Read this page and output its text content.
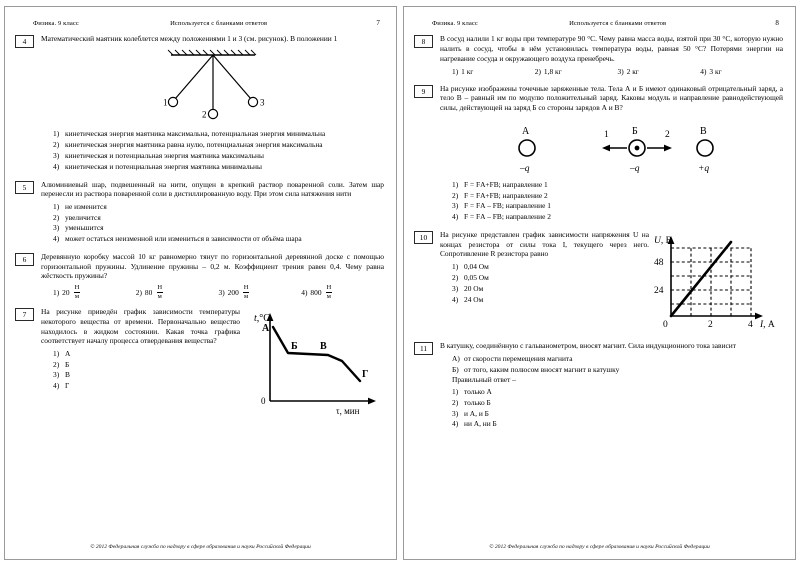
Физика. 9 класс	Используется с бланками ответов	7
4	Математический маятник колеблется между положениями 1 и 3 (см. рисунок). В положении 1

1
2
3
1) кинетическая энергия маятника максимальна, потенциальная энергия минимальна
2) кинетическая энергия маятника равна нулю, потенциальная энергия максимальна
3) кинетическая и потенциальная энергия маятника максимальны
4) кинетическая и потенциальная энергия маятника минимальны
5	Алюминиевый шар, подвешенный на нити, опущен в крепкий раствор поваренной соли. Затем шар перенесли из раствора поваренной соли в дистиллированную воду. При этом сила натяжения нити

1) не изменится
2) увеличится
3) уменьшится
4) может остаться неизменной или измениться в зависимости от объёма шара
6	Деревянную коробку массой 10 кг равномерно тянут по горизонтальной деревянной доске с помощью горизонтальной пружины. Удлинение пружины – 0,2 м. Коэффициент трения равен 0,4. Чему равна жёсткость пружины?

1) $20 \frac{Н}{м}$	2) $80 \frac{Н}{м}$	3) $200 \frac{Н}{м}$	4) $800 \frac{Н}{м}$
7	На рисунке приведён график зависимости температуры некоторого вещества от времени. Первоначально вещество находилось в жидком состоянии. Какая точка графика соответствует началу процесса отвердевания вещества?

1) А
2) Б
3) В
4) Г
t,°C
0
τ, мин
А
Б В
Г
© 2012 Федеральная служба по надзору в сфере образования и науки Российской Федерации
Физика. 9 класс	Используется с бланками ответов	8
8	В сосуд налили 1 кг воды при температуре 90 °С. Чему равна масса воды, взятой при 30 °С, которую нужно налить в сосуд, чтобы в нём установилась температура воды, равная 50 °С? Потерями энергии на нагревание сосуда и окружающего воздуха пренебречь.

1) 1 кг	2) 1,8 кг	3) 2 кг	4) 3 кг
9	На рисунке изображены точечные заряженные тела. Тела А и Б имеют одинаковый отрицательный заряд, а тело В – равный им по модулю положительный заряд. Каковы модуль и направление равнодействующей силы, действующей на заряд Б со стороны зарядов А и В?

А
–q
Б
–q
1	2	В
+q
1) F = FА+FВ; направление 1
2) F = FА+FВ; направление 2
3) F = FА – FВ; направление 1
4) F = FА – FВ; направление 2
10	На рисунке представлен график зависимости напряжения U на концах резистора от силы тока I, текущего через него. Сопротивление R резистора равно

1) 0,04 Ом
2) 0,05 Ом
3) 20 Ом
4) 24 Ом
U, В
24
48
0	2	4 I, А
11	В катушку, соединённую с гальванометром, вносят магнит. Сила индукционного тока зависит

А) от скорости перемещения магнита
Б) от того, каким полюсом вносят магнит в катушку

Правильный ответ –

1) только А
2) только Б
3) и А, и Б
4) ни А, ни Б
© 2012 Федеральная служба по надзору в сфере образования и науки Российской Федерации
